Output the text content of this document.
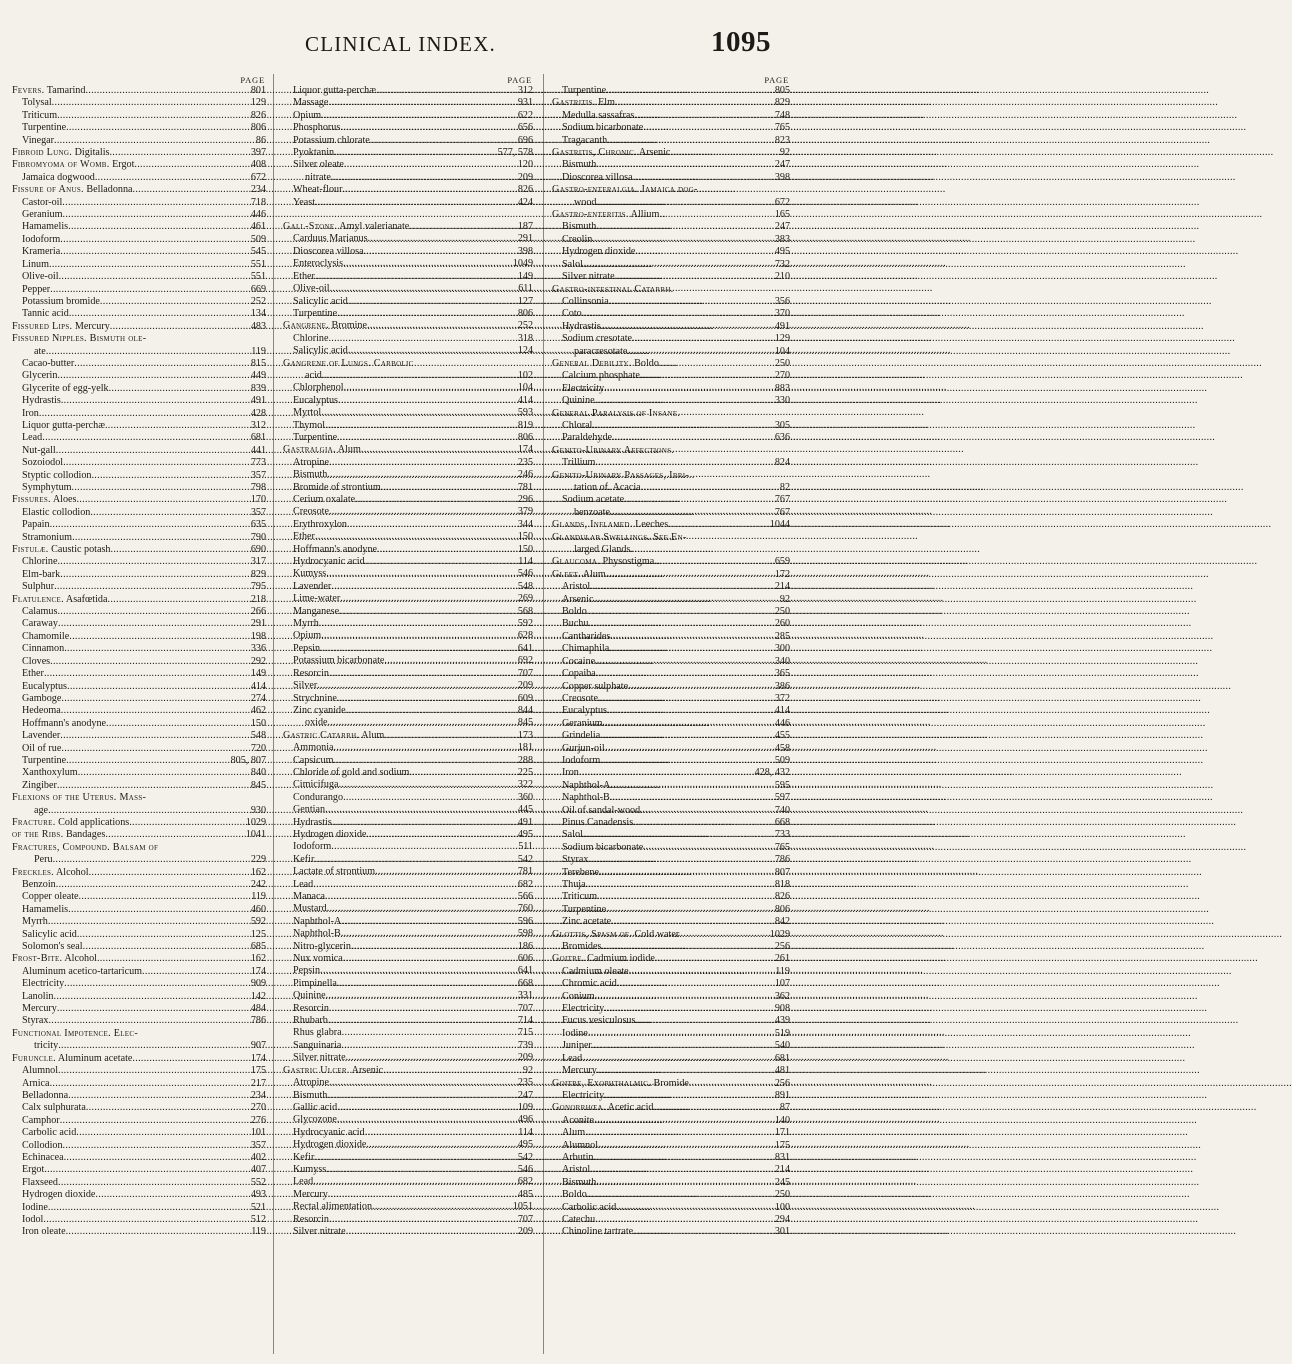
CLINICAL INDEX.	1095
PAGE
Fevers. Tamarind .....	801
Tolysal .....	129
Triticum .....	826
Turpentine .....	806
Vinegar .....	86
Fibroid Lung. Digitalis .....	397
Fibromyoma of Womb. Ergot .....	408
Jamaica dogwood .....	672
Fissure of Anus. Belladonna .....	234
Castor-oil .....	718
Geranium .....	446
Hamamelis .....	461
Iodoform .....	509
Krameria .....	545
Linum .....	551
Olive-oil .....	551
Pepper .....	669
Potassium bromide .....	252
Tannic acid .....	134
Fissured Lips. Mercury .....	483
Fissured Nipples. Bismuth ole-
ate .....	119
Cacao-butter .....	815
Glycerin .....	449
Glycerite of egg-yelk .....	839
Hydrastis .....	491
Iron .....	428
Liquor gutta-perchæ .....	312
Lead .....	681
Nut-gall .....	441
Sozoiodol .....	773
Styptic collodion .....	357
Symphytum .....	798
Fissures. Aloes .....	170
Elastic collodion .....	357
Papain .....	635
Stramonium .....	790
Fistulæ. Caustic potash .....	690
Chlorine .....	317
Elm-bark .....	829
Sulphur .....	795
Flatulence. Asafœtida .....	218
Calamus .....	266
Caraway .....	291
Chamomile .....	198
Cinnamon .....	336
Cloves .....	292
Ether .....	149
Eucalyptus .....	414
Gamboge .....	274
Hedeoma .....	462
Hoffmann's anodyne .....	150
Lavender .....	548
Oil of rue .....	720
Turpentine .....	805, 807
Xanthoxylum .....	840
Zingiber .....	845
Flexions of the Uterus. Mass-
age .....	930
Fracture. Cold applications .....	1029
of the Ribs. Bandages .....	1041
Fractures, Compound. Balsam of
Peru .....	229
Freckles. Alcohol .....	162
Benzoin .....	242
Copper oleate .....	119
Hamamelis .....	460
Myrrh .....	592
Salicylic acid .....	125
Solomon's seal .....	685
Frost-Bite. Alcohol .....	162
Aluminum aceticо-tartaricum .....	174
Electricity .....	909
Lanolin .....	142
Mercury .....	484
Styrax .....	786
Functional Impotence. Elec-
tricity .....	907
Furuncle. Aluminum acetate .....	174
Alumnol .....	175
Arnica .....	217
Belladonna .....	234
Calx sulphurata .....	270
Camphor .....	276
Carbolic acid .....	101
Collodion .....	357
Echinacea .....	402
Ergot .....	407
Flaxseed .....	552
Hydrogen dioxide .....	493
Iodine .....	521
Iodol .....	512
Iron oleate .....	119
PAGE
Liquor gutta-perchæ .....	312
Massage .....	931
Opium .....	622
Phosphorus .....	656
Potassium chlorate .....	696
Pyoktanin .....	577, 578
Silver oleate .....	120
nitrate .....	209
Wheat-flour .....	826
Yeast .....	424
Gall-Stone. Amyl valerianate .....	187
Carduus Marianus .....	291
Dioscorea villosa .....	398
Enteroclysis .....	1049
Ether .....	149
Olive-oil .....	611
Salicylic acid .....	127
Turpentine .....	806
Gangrene. Bromine .....	252
Chlorine .....	318
Salicylic acid .....	124
Gangrene of Lungs. Carbolic
acid .....	102
Chlorphenol .....	104
Eucalyptus .....	414
Myrtol .....	593
Thymol .....	819
Turpentine .....	806
Gastralgia. Alum .....	174
Atropine .....	235
Bismuth .....	246
Bromide of strontium .....	781
Cerium oxalate .....	296
Creosote .....	379
Erythroxylon .....	344
Ether .....	150
Hoffmann's anodyne .....	150
Hydrocyanic acid .....	114
Kumyss .....	546
Lavender .....	548
Lime-water .....	269
Manganese .....	568
Myrrh .....	592
Opium .....	628
Pepsin .....	641
Potassium bicarbonate .....	692
Resorcin .....	707
Silver .....	209
Strychnine .....	609
Zinc cyanide .....	844
oxide .....	845
Gastric Catarrh. Alum .....	173
Ammonia .....	181
Capsicum .....	288
Chloride of gold and sodium .....	225
Cimicifuga .....	322
Condurango .....	360
Gentian .....	445
Hydrastis .....	491
Hydrogen dioxide .....	495
Iodoform .....	511
Kefir .....	542
Lactate of strontium .....	781
Lead .....	682
Manaca .....	566
Mustard .....	760
Naphthol-A .....	596
Naphthol-B .....	598
Nitro-glycerin .....	186
Nux vomica .....	606
Pepsin .....	641
Pimpinella .....	668
Quinine .....	331
Resorcin .....	707
Rhubarb .....	714
Rhus glabra .....	715
Sanguinaria .....	739
Silver nitrate .....	209
Gastric Ulcer. Arsenic .....	92
Atropine .....	235
Bismuth .....	247
Gallic acid .....	109
Glycozone .....	496
Hydrocyanic acid .....	114
Hydrogen dioxide .....	495
Kefir .....	542
Kumyss .....	546
Lead .....	682
Mercury .....	485
Rectal alimentation .....	1051
Resorcin .....	707
Silver nitrate .....	209
PAGE
Turpentine .....	805
Gastritis. Elm .....	829
Medulla sassafras .....	748
Sodium bicarbonate .....	765
Tragacanth .....	823
Gastritis, Chronic. Arsenic .....	92
Bismuth .....	247
Dioscorea villosa .....	398
Gastro-enteralgia. Jamaica dog-
wood .....	672
Gastro-enteritis. Allium .....	165
Bismuth .....	247
Creolin .....	383
Hydrogen dioxide .....	495
Salol .....	732
Silver nitrate .....	210
Gastro-intestinal Catarrh.
Collinsonia .....	356
Coto .....	370
Hydrastis .....	491
Sodium cresotate .....	129
paracresotate .....	104
General Debility. Boldo .....	250
Calcium phosphate .....	270
Electricity .....	883
Quinine .....	330
General Paralysis of Insane.
Chloral .....	305
Paraldehyde .....	636
Genito-Urinary Affections.
Trillium .....	824
Genito-Urinary Passages, Irri-
tation of. Acacia .....	82
Sodium acetate .....	767
benzoate .....	767
Glands, Inflamed. Leeches .....	1044
Glandular Swellings. See En-
larged Glands.
Glaucoma. Physostigma .....	659
Gleet. Alum .....	172
Aristol .....	214
Arsenic .....	92
Boldo .....	250
Buchu .....	260
Cantharides .....	285
Chimaphila .....	300
Cocaine .....	340
Copaiba .....	365
Copper sulphate .....	386
Creosote .....	372
Eucalyptus .....	414
Geranium .....	446
Grindelia .....	455
Gurjun-oil .....	458
Iodoform .....	509
Iron .....	428, 432
Naphthol-A .....	595
Naphthol-B .....	597
Oil of sandal-wood .....	740
Pinus Canadensis .....	668
Salol .....	733
Sodium bicarbonate .....	765
Styrax .....	786
Terebene .....	807
Thuja .....	818
Triticum .....	826
Turpentine .....	806
Zinc acetate .....	842
Glottis, Spasm of. Cold water .....	1029
Bromides .....	256
Goitre. Cadmium iodide .....	261
Cadmium oleate .....	119
Chromic acid .....	107
Conium .....	362
Electricity .....	908
Fucus vesiculosus .....	439
Iodine .....	519
Juniper .....	540
Lead .....	681
Mercury .....	481
Goitre, Exophthalmic. Bromide .....	256
Electricity .....	891
Gonorrhœa. Acetic acid .....	87
Aconite .....	140
Alum .....	171
Alumnol .....	175
Arbutin .....	831
Aristol .....	214
Bismuth .....	245
Boldo .....	250
Carbolic acid .....	100
Catechu .....	294
Chinoline tartrate .....	301
